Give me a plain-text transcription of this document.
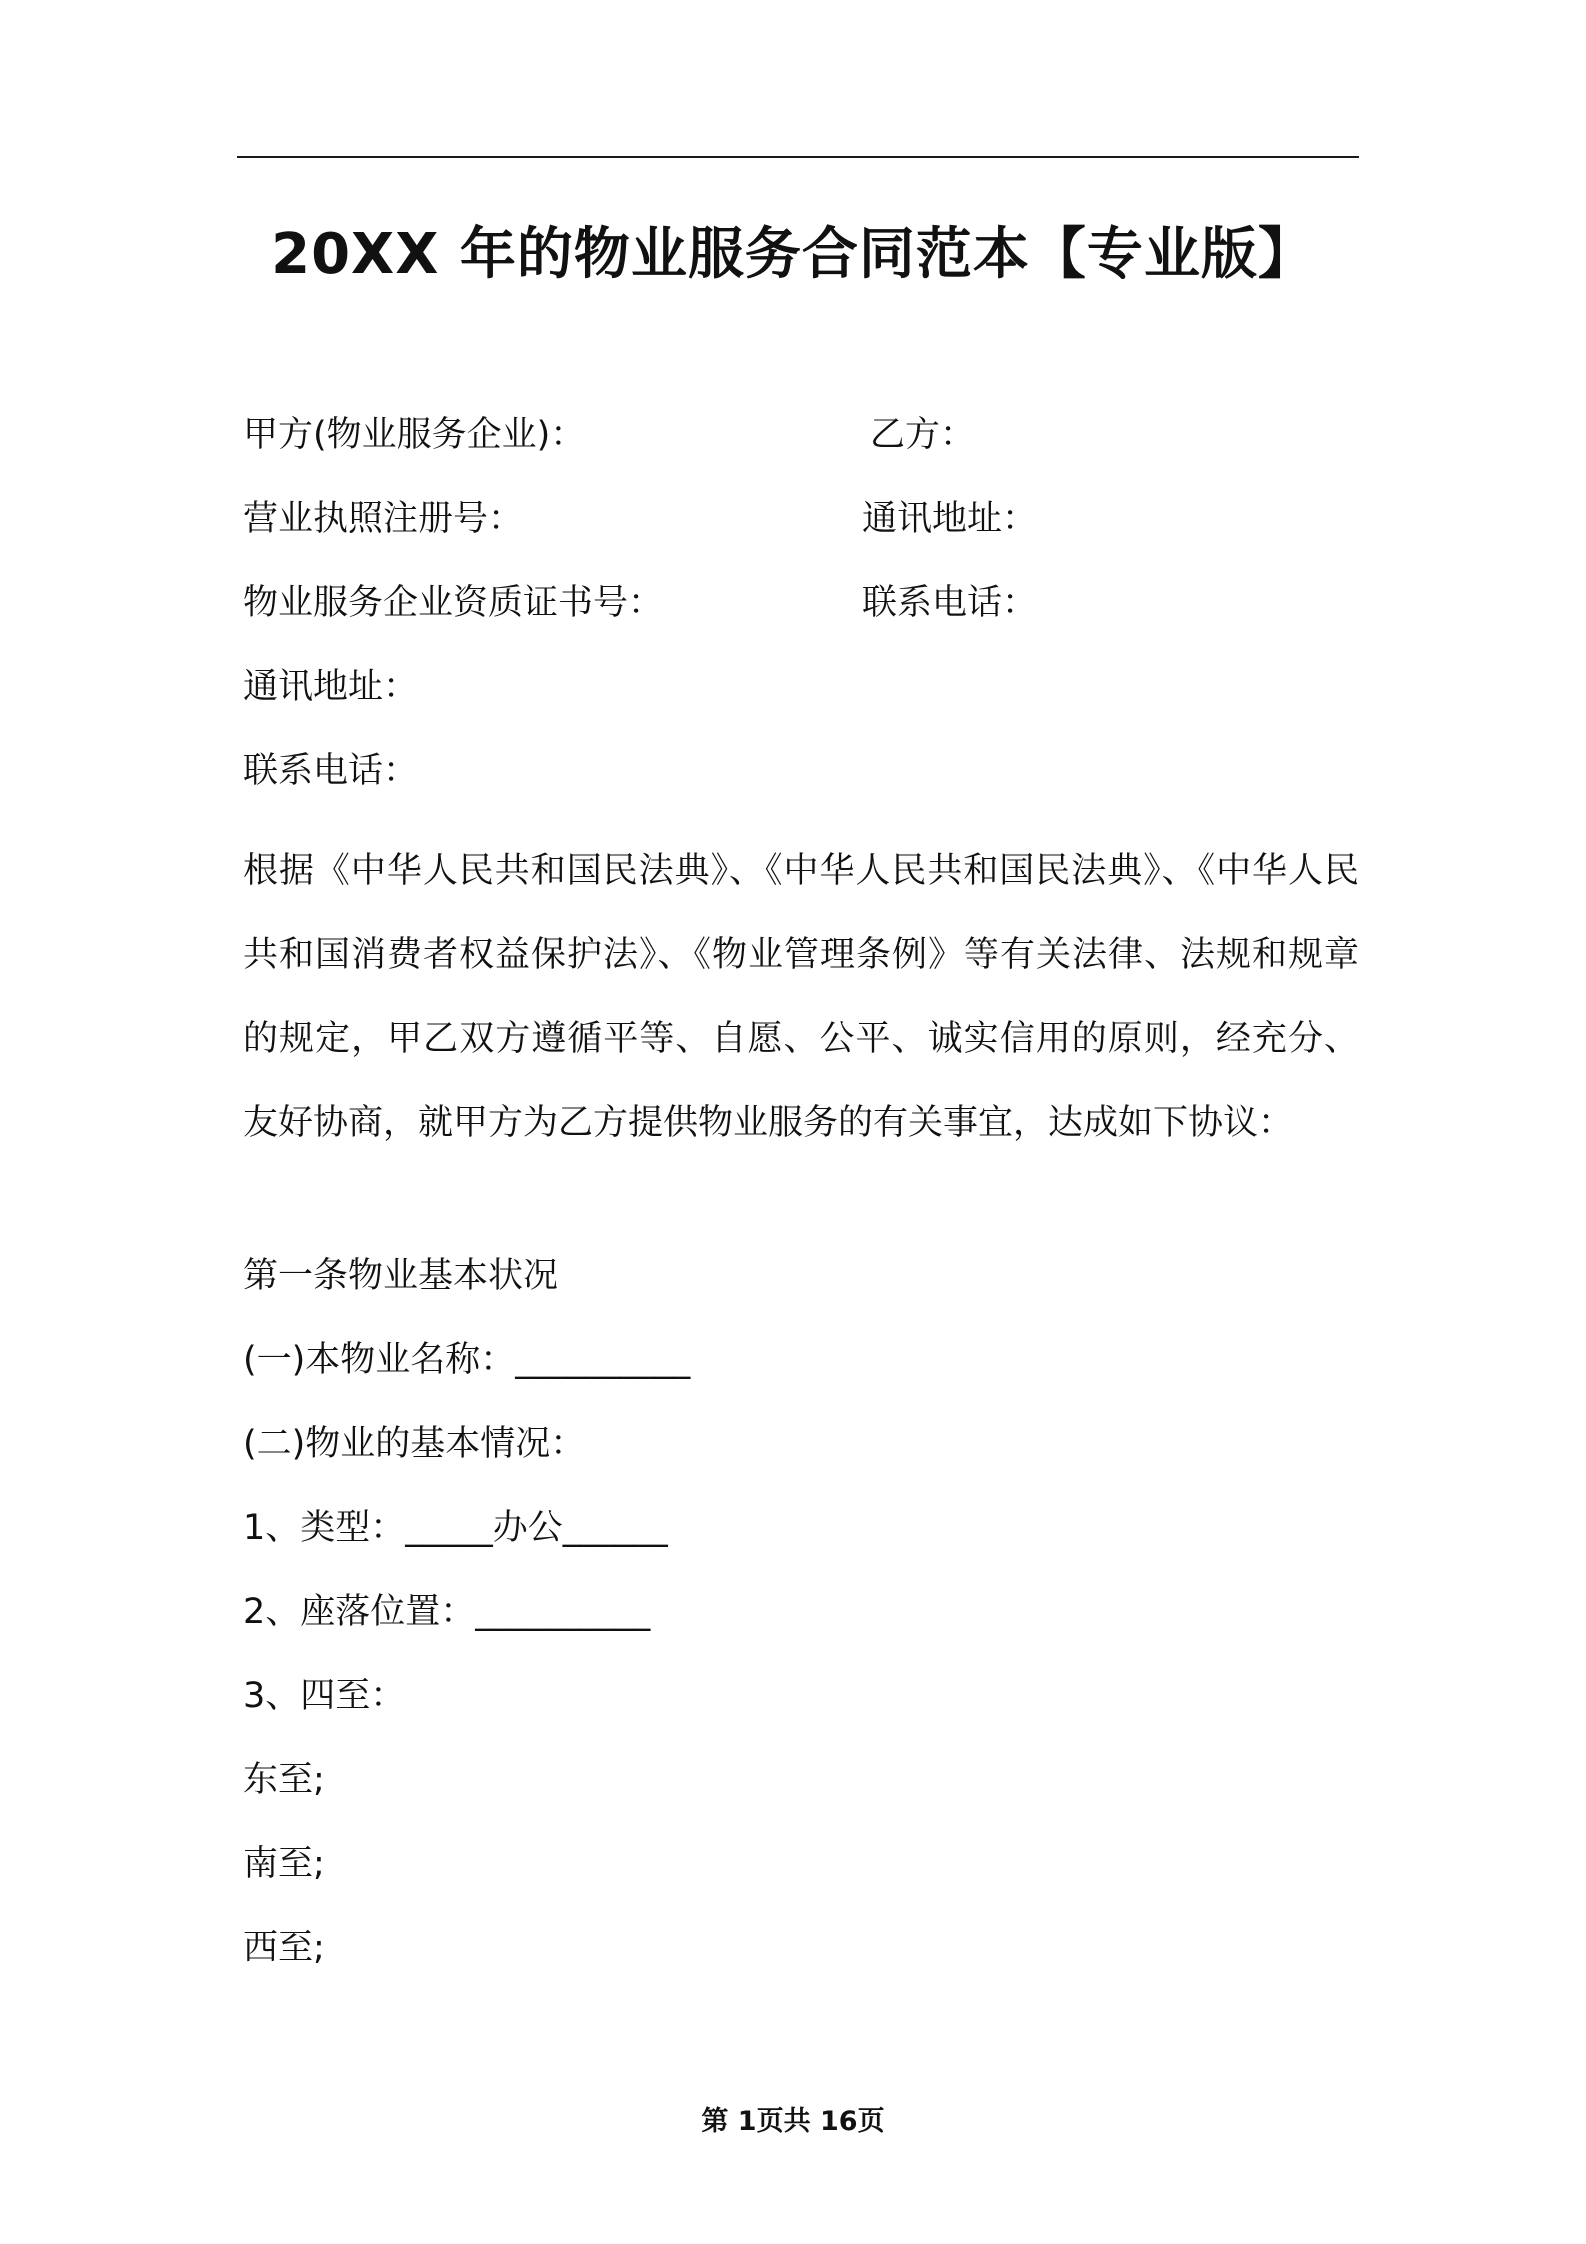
20XX 年的物业服务合同范本【专业版】
甲方(物业服务企业)：	乙方：
营业执照注册号：	通讯地址：
物业服务企业资质证书号：	联系电话：
通讯地址：
联系电话：
根据《中华人民共和国民法典》、《中华人民共和国民法典》、《中华人民共和国消费者权益保护法》、《物业管理条例》等有关法律、法规和规章的规定，甲乙双方遵循平等、自愿、公平、诚实信用的原则，经充分、友好协商，就甲方为乙方提供物业服务的有关事宜，达成如下协议：
第一条物业基本状况
(一)本物业名称：__________
(二)物业的基本情况：
1、类型：_____办公______
2、座落位置：__________
3、四至：
东至;
南至;
西至;
第 1页共 16页
